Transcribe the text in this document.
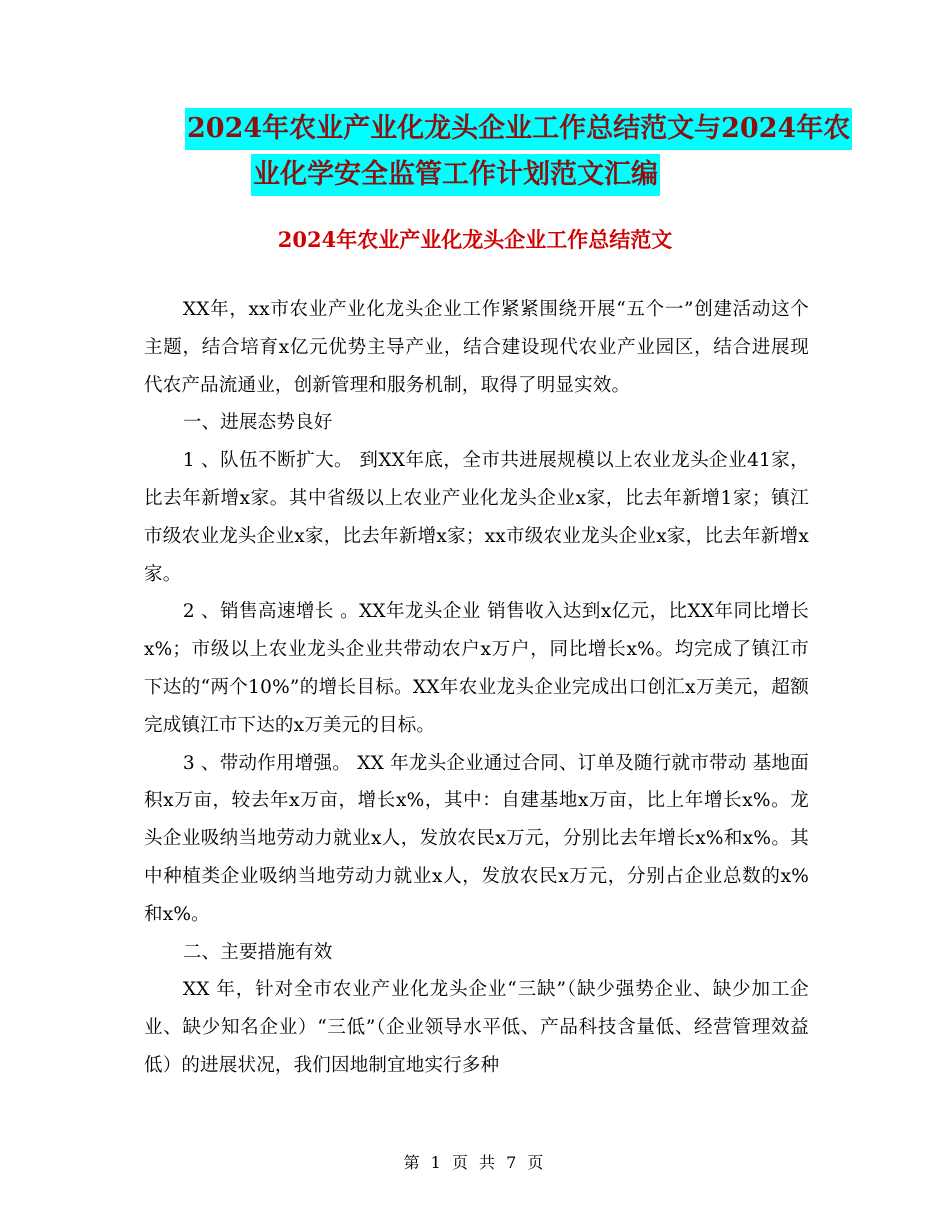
2024年农业产业化龙头企业工作总结范文与2024年农
业化学安全监管工作计划范文汇编
2024年农业产业化龙头企业工作总结范文

XX年，xx市农业产业化龙头企业工作紧紧围绕开展“五个一”创建活动这个主题，结合培育x亿元优势主导产业，结合建设现代农业产业园区，结合进展现代农产品流通业，创新管理和服务机制，取得了明显实效。

一、进展态势良好

1 、队伍不断扩大。 到XX年底，全市共进展规模以上农业龙头企业41家，比去年新增x家。其中省级以上农业产业化龙头企业x家，比去年新增1家；镇江市级农业龙头企业x家，比去年新增x家；xx市级农业龙头企业x家，比去年新增x家。

2 、销售高速增长 。XX年龙头企业 销售收入达到x亿元，比XX年同比增长x%；市级以上农业龙头企业共带动农户x万户，同比增长x%。均完成了镇江市下达的“两个10%”的增长目标。XX年农业龙头企业完成出口创汇x万美元，超额完成镇江市下达的x万美元的目标。

3 、带动作用增强。 XX 年龙头企业通过合同、订单及随行就市带动 基地面积x万亩，较去年x万亩，增长x%，其中：自建基地x万亩，比上年增长x%。龙头企业吸纳当地劳动力就业x人，发放农民x万元，分别比去年增长x%和x%。其中种植类企业吸纳当地劳动力就业x人，发放农民x万元，分别占企业总数的x%和x%。

二、主要措施有效

XX 年，针对全市农业产业化龙头企业“三缺”（缺少强势企业、缺少加工企业、缺少知名企业）“三低”（企业领导水平低、产品科技含量低、经营管理效益低）的进展状况，我们因地制宜地实行多种

第 1 页 共 7 页
